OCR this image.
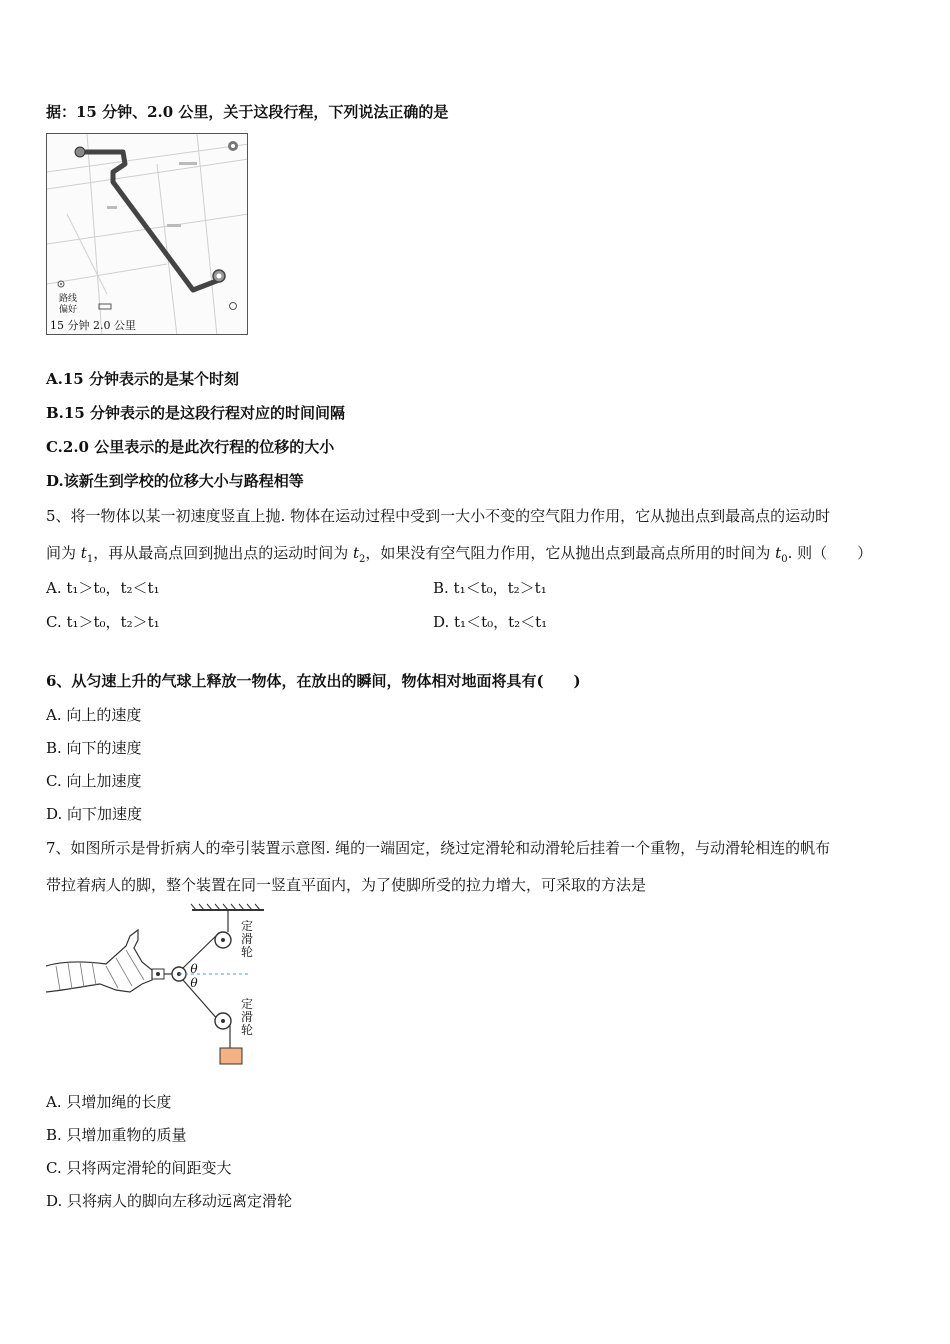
据：15 分钟、2.0 公里，关于这段行程，下列说法正确的是
路线 偏好
15 分钟 2.0 公里
A.15 分钟表示的是某个时刻
B.15 分钟表示的是这段行程对应的时间间隔
C.2.0 公里表示的是此次行程的位移的大小
D.该新生到学校的位移大小与路程相等
5、将一物体以某一初速度竖直上抛. 物体在运动过程中受到一大小不变的空气阻力作用，它从抛出点到最高点的运动时
间为 $t_1$，再从最高点回到抛出点的运动时间为 $t_2$，如果没有空气阻力作用，它从抛出点到最高点所用的时间为 $t_0$. 则（　　）
A. t₁＞t₀，t₂＜t₁	B. t₁＜t₀，t₂＞t₁
C. t₁＞t₀，t₂＞t₁	D. t₁＜t₀，t₂＜t₁
6、从匀速上升的气球上释放一物体，在放出的瞬间，物体相对地面将具有(　　)
A. 向上的速度
B. 向下的速度
C. 向上加速度
D. 向下加速度
7、如图所示是骨折病人的牵引装置示意图. 绳的一端固定，绕过定滑轮和动滑轮后挂着一个重物，与动滑轮相连的帆布
带拉着病人的脚，整个装置在同一竖直平面内，为了使脚所受的拉力增大，可采取的方法是
定滑轮
定滑轮
θ
θ
A. 只增加绳的长度
B. 只增加重物的质量
C. 只将两定滑轮的间距变大
D. 只将病人的脚向左移动远离定滑轮
